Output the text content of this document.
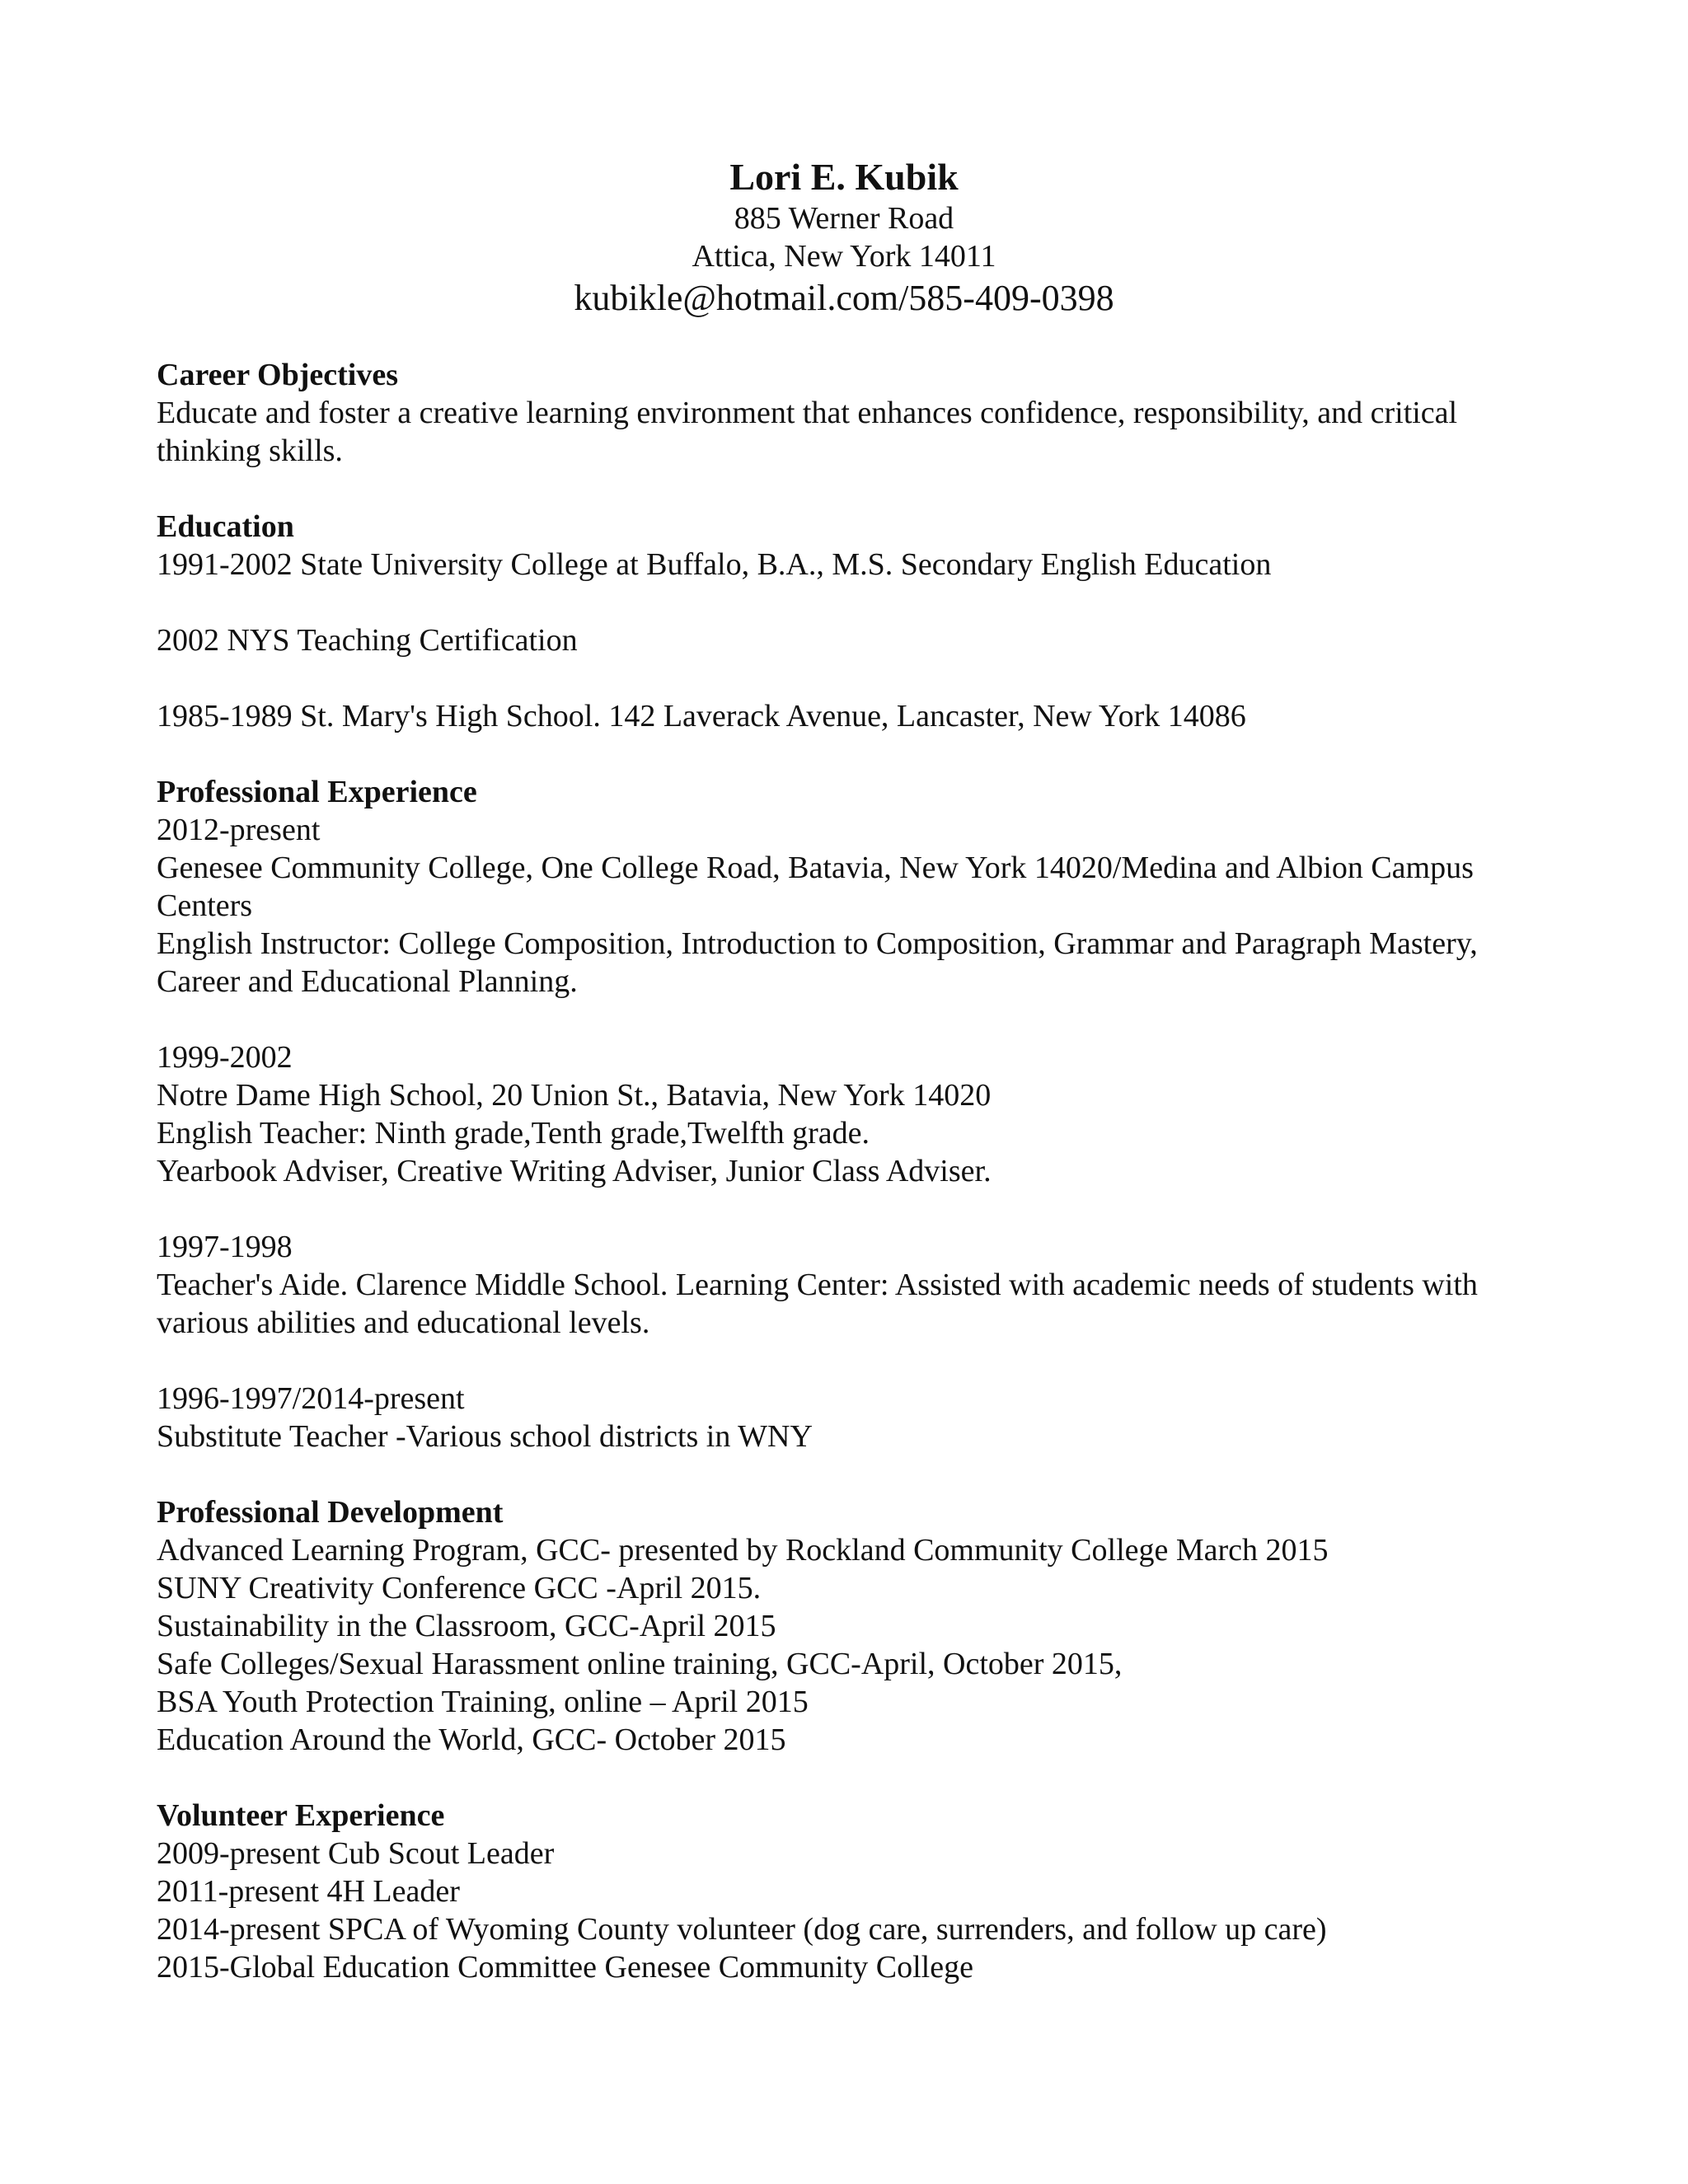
Lori E. Kubik
885 Werner Road
Attica, New York 14011
kubikle@hotmail.com/585-409-0398
Career Objectives
Educate and foster a creative learning environment that enhances confidence, responsibility, and critical thinking skills.
Education
1991-2002 State University College at Buffalo, B.A., M.S. Secondary English Education
2002 NYS Teaching Certification
1985-1989 St. Mary's High School. 142 Laverack Avenue, Lancaster, New York 14086
Professional Experience
2012-present
Genesee Community College, One College Road, Batavia, New York 14020/Medina and Albion Campus Centers
English Instructor: College Composition, Introduction to Composition, Grammar and Paragraph Mastery, Career and Educational Planning.
1999-2002
Notre Dame High School, 20 Union St., Batavia, New York 14020
English Teacher: Ninth grade,Tenth grade,Twelfth grade.
Yearbook Adviser, Creative Writing Adviser, Junior Class Adviser.
1997-1998
Teacher's Aide. Clarence Middle School. Learning Center: Assisted with academic needs of students with various abilities and educational levels.
1996-1997/2014-present
Substitute Teacher -Various school districts in WNY
Professional Development
Advanced Learning Program, GCC- presented by Rockland Community College March 2015
SUNY Creativity Conference GCC -April 2015.
Sustainability in the Classroom, GCC-April 2015
Safe Colleges/Sexual Harassment online training, GCC-April, October 2015,
BSA Youth Protection Training, online – April 2015
Education Around the World, GCC- October 2015
Volunteer Experience
2009-present Cub Scout Leader
2011-present 4H Leader
2014-present SPCA of Wyoming County volunteer (dog care, surrenders, and follow up care)
2015-Global Education Committee Genesee Community College
